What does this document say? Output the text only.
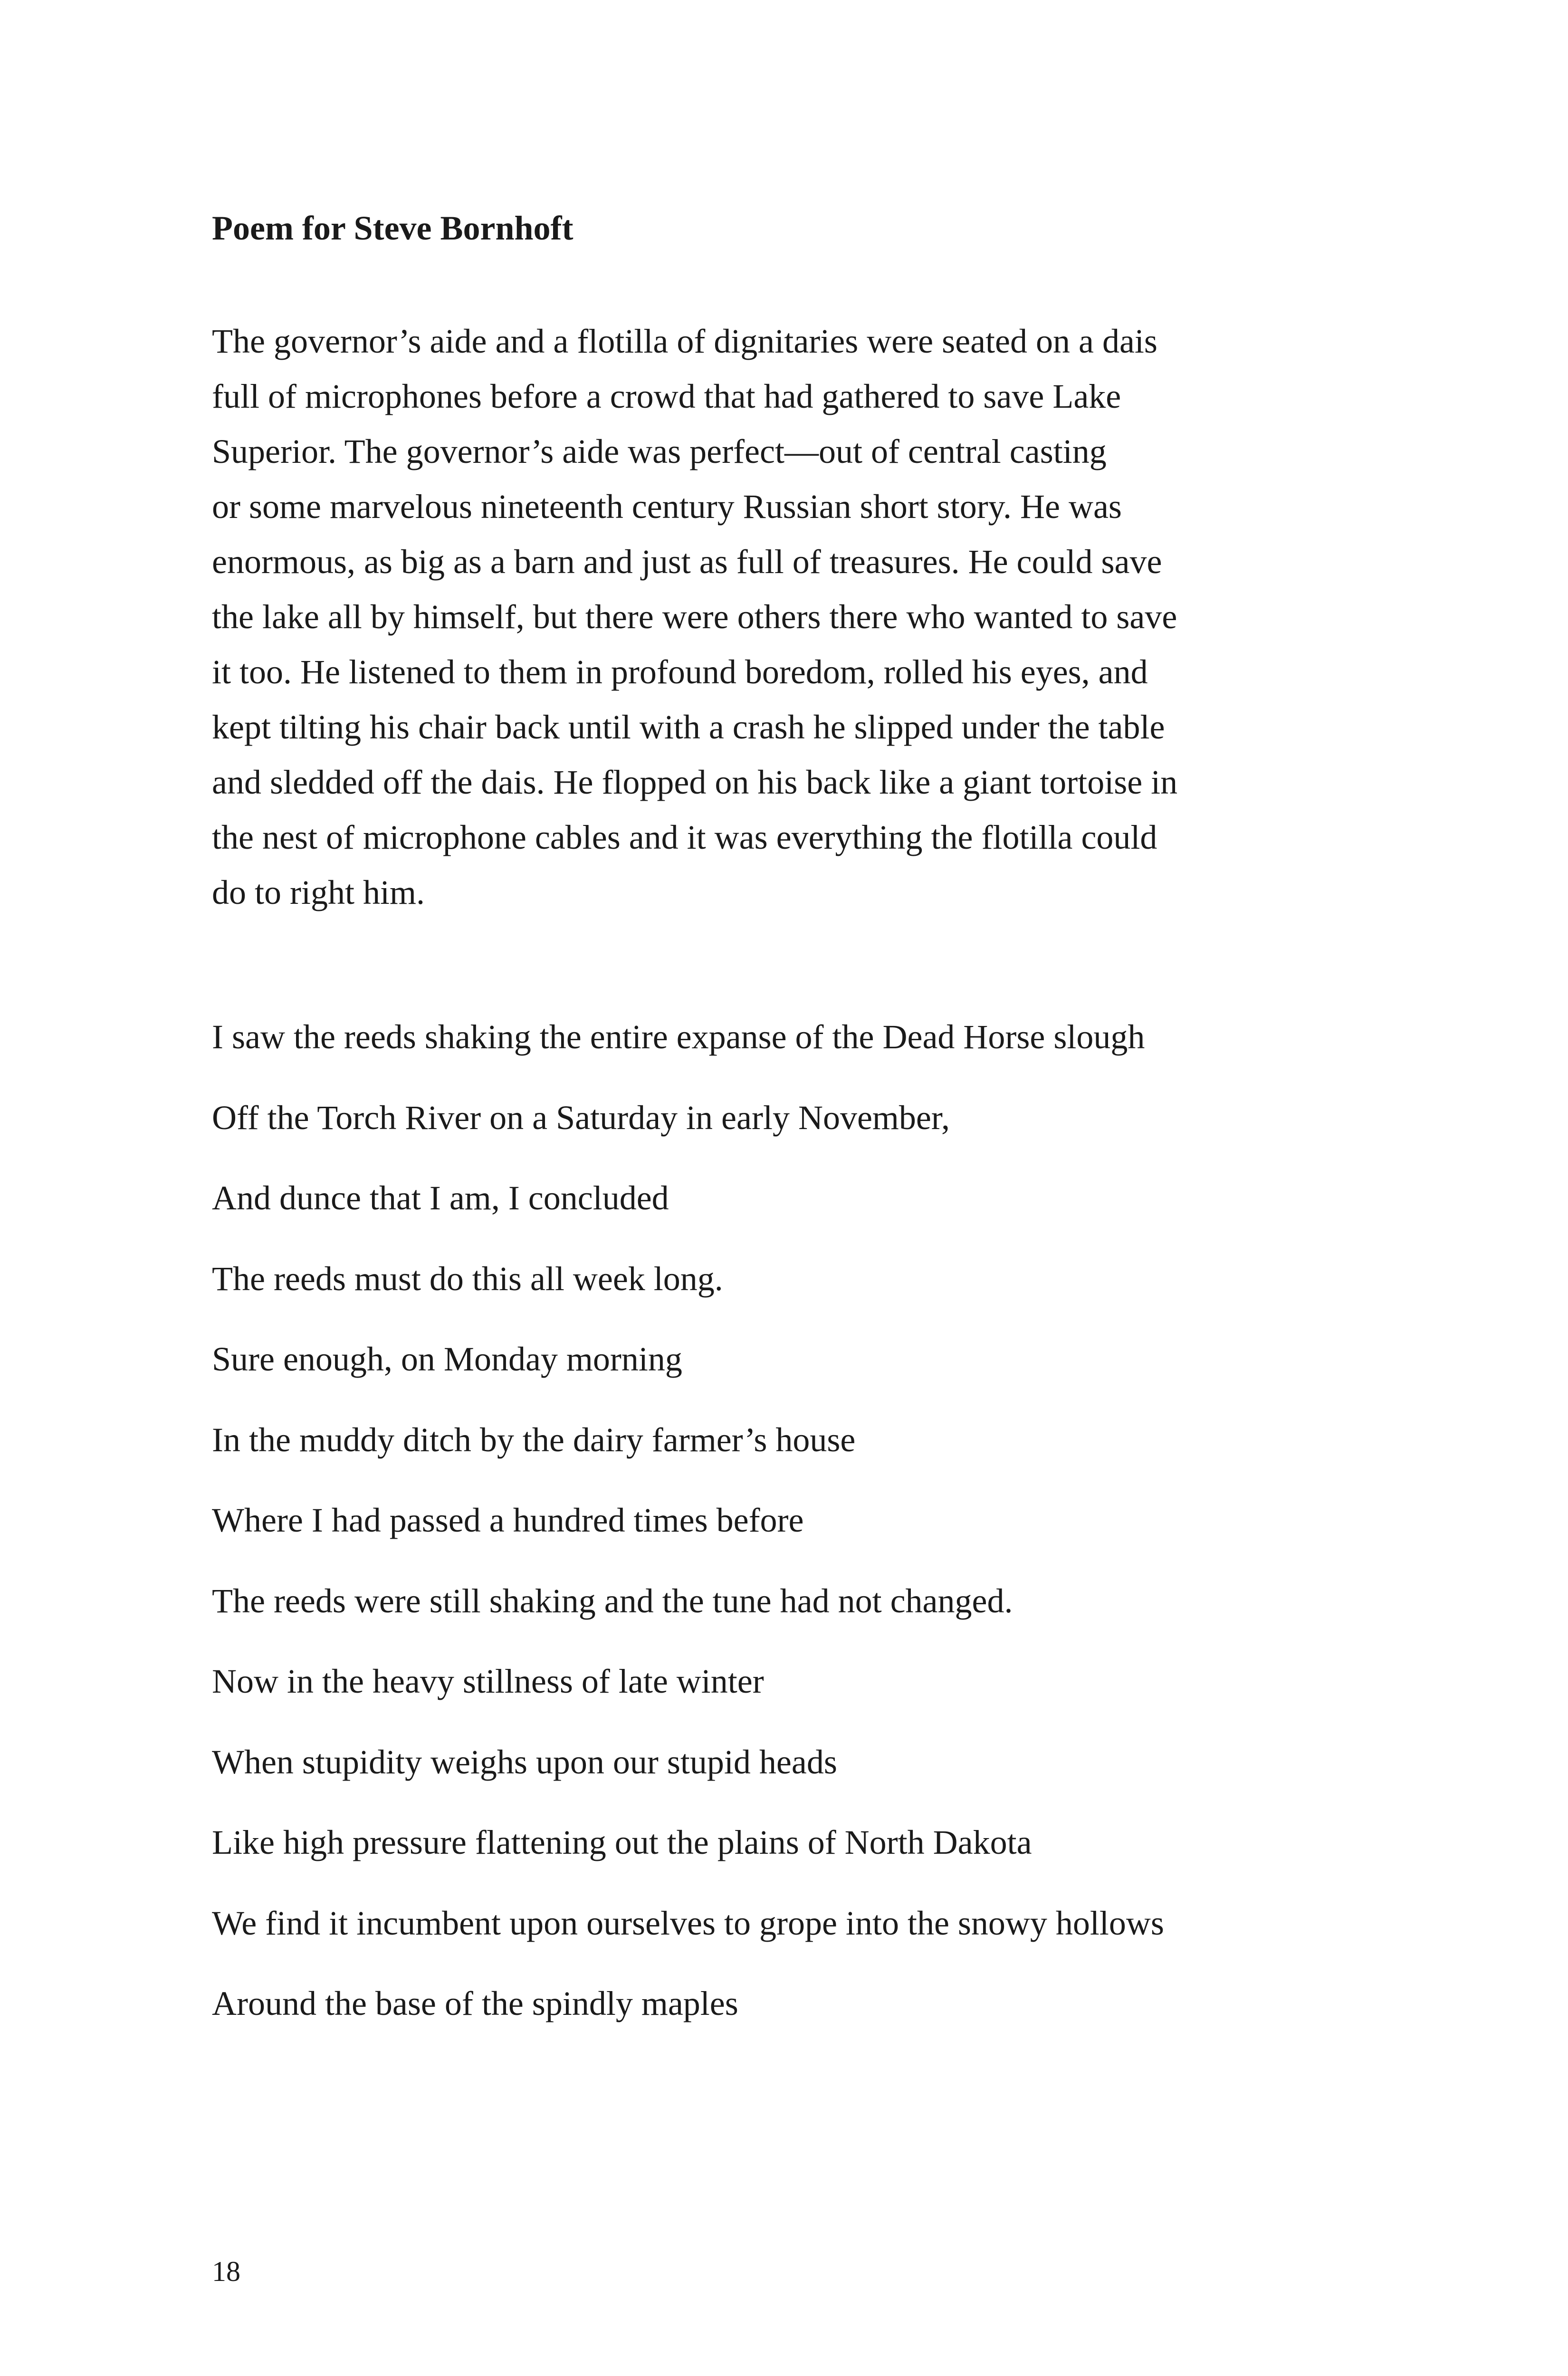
Poem for Steve Bornhoft
The governor’s aide and a flotilla of dignitaries were seated on a dais
full of microphones before a crowd that had gathered to save Lake
Superior. The governor’s aide was perfect—out of central casting
or some marvelous nineteenth century Russian short story. He was
enormous, as big as a barn and just as full of treasures. He could save
the lake all by himself, but there were others there who wanted to save
it too. He listened to them in profound boredom, rolled his eyes, and
kept tilting his chair back until with a crash he slipped under the table
and sledded off the dais. He flopped on his back like a giant tortoise in
the nest of microphone cables and it was everything the flotilla could
do to right him.
I saw the reeds shaking the entire expanse of the Dead Horse slough
Off the Torch River on a Saturday in early November,
And dunce that I am, I concluded
The reeds must do this all week long.
Sure enough, on Monday morning
In the muddy ditch by the dairy farmer’s house
Where I had passed a hundred times before
The reeds were still shaking and the tune had not changed.
Now in the heavy stillness of late winter
When stupidity weighs upon our stupid heads
Like high pressure flattening out the plains of North Dakota
We find it incumbent upon ourselves to grope into the snowy hollows
Around the base of the spindly maples

18
